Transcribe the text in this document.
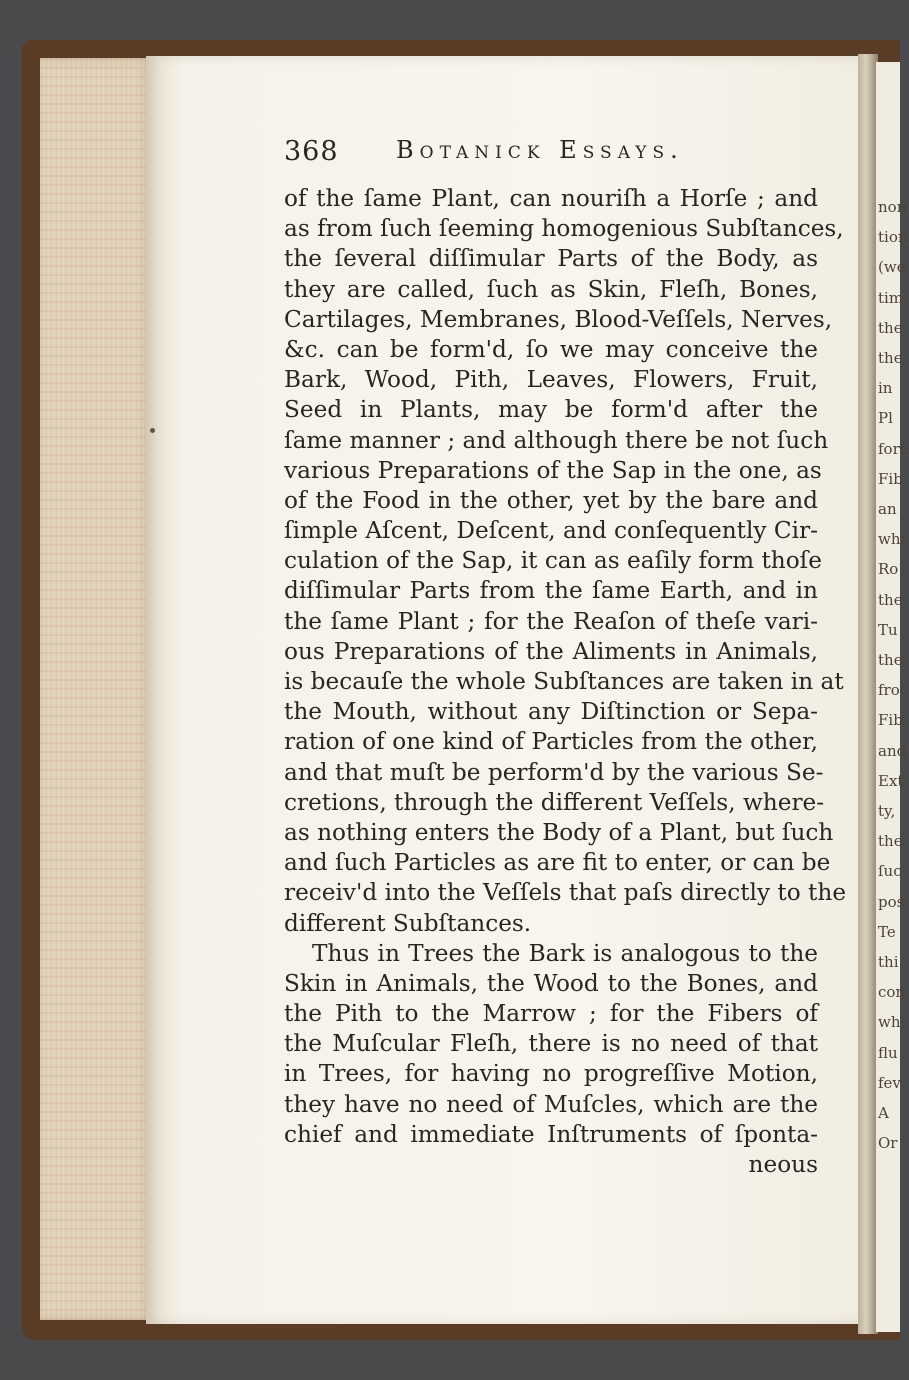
368 Botanick Essays.
of the ſame Plant, can nouriſh a Horſe ; and
as from ſuch ſeeming homogenious Subſtances,
the ſeveral diſſimular Parts of the Body, as
they are called, ſuch as Skin, Fleſh, Bones,
Cartilages, Membranes, Blood-Veſſels, Nerves,
&c. can be form'd, ſo we may conceive the
Bark, Wood, Pith, Leaves, Flowers, Fruit,
Seed in Plants, may be form'd after the
ſame manner ; and although there be not ſuch
various Preparations of the Sap in the one, as
of the Food in the other, yet by the bare and
ſimple Aſcent, Deſcent, and conſequently Cir-
culation of the Sap, it can as eaſily form thoſe
diſſimular Parts from the ſame Earth, and in
the ſame Plant ; for the Reaſon of theſe vari-
ous Preparations of the Aliments in Animals,
is becauſe the whole Subſtances are taken in at
the Mouth, without any Diſtinction or Sepa-
ration of one kind of Particles from the other,
and that muſt be perform'd by the various Se-
cretions, through the different Veſſels, where-
as nothing enters the Body of a Plant, but ſuch
and ſuch Particles as are fit to enter, or can be
receiv'd into the Veſſels that paſs directly to the
different Subſtances.
Thus in Trees the Bark is analogous to the
Skin in Animals, the Wood to the Bones, and
the Pith to the Marrow ; for the Fibers of
the Muſcular Fleſh, there is no need of that
in Trees, for having no progreſſive Motion,
they have no need of Muſcles, which are the
chief and immediate Inſtruments of ſponta-
neous
non
tion
(we
tim
the
the
in
Pl
fore
Fib
an
whi
Ro
the
Tu
the
fro
Fib
and
Ext
ty,
the
ſuc
pos
Te
thi
con
wh
flu
fev
A
Or
